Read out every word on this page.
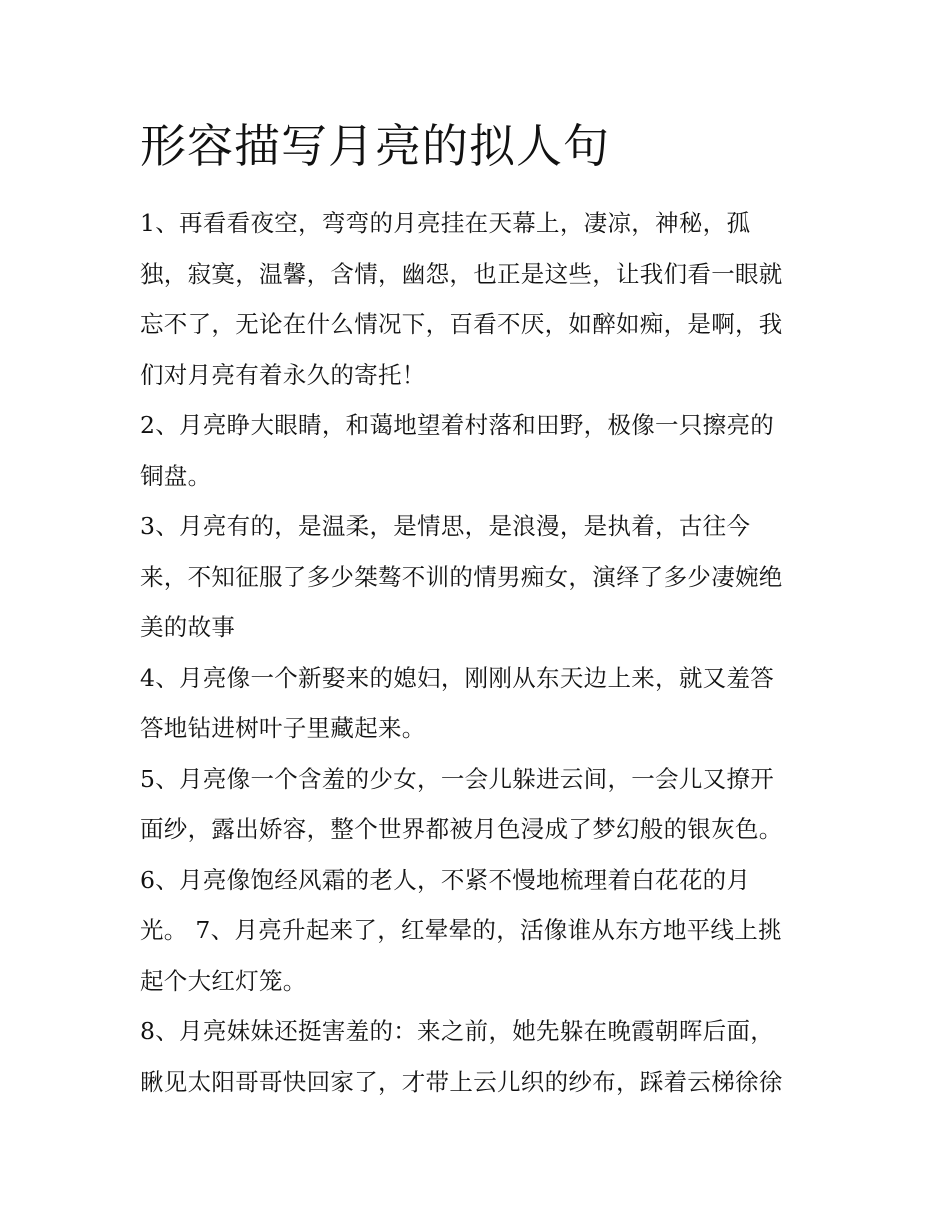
形容描写月亮的拟人句

1、再看看夜空，弯弯的月亮挂在天幕上，凄凉，神秘，孤

独，寂寞，温馨，含情，幽怨，也正是这些，让我们看一眼就

忘不了，无论在什么情况下，百看不厌，如醉如痴，是啊，我

们对月亮有着永久的寄托！

2、月亮睁大眼睛，和蔼地望着村落和田野，极像一只擦亮的

铜盘。

3、月亮有的，是温柔，是情思，是浪漫，是执着，古往今

来，不知征服了多少桀骜不训的情男痴女，演绎了多少凄婉绝

美的故事

4、月亮像一个新娶来的媳妇，刚刚从东天边上来，就又羞答

答地钻进树叶子里藏起来。

5、月亮像一个含羞的少女，一会儿躲进云间，一会儿又撩开

面纱，露出娇容，整个世界都被月色浸成了梦幻般的银灰色。

6、月亮像饱经风霜的老人，不紧不慢地梳理着白花花的月

光。 7、月亮升起来了，红晕晕的，活像谁从东方地平线上挑

起个大红灯笼。

8、月亮妹妹还挺害羞的：来之前，她先躲在晚霞朝晖后面，

瞅见太阳哥哥快回家了，才带上云儿织的纱布，踩着云梯徐徐
